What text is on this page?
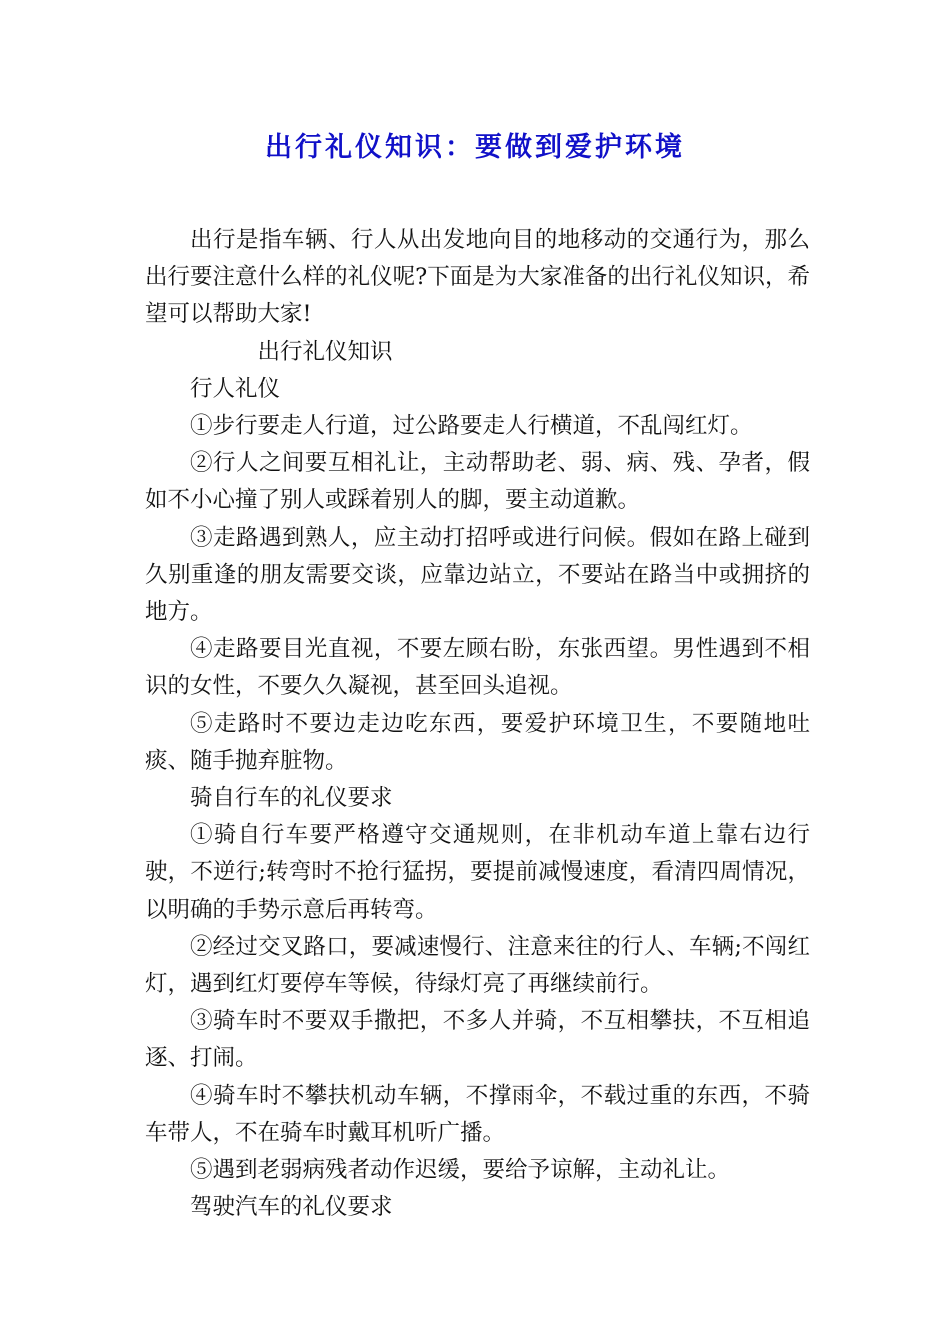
出行礼仪知识：要做到爱护环境

出行是指车辆、行人从出发地向目的地移动的交通行为，那么出行要注意什么样的礼仪呢?下面是为大家准备的出行礼仪知识，希望可以帮助大家!

出行礼仪知识

行人礼仪

①步行要走人行道，过公路要走人行横道，不乱闯红灯。

②行人之间要互相礼让，主动帮助老、弱、病、残、孕者，假如不小心撞了别人或踩着别人的脚，要主动道歉。

③走路遇到熟人，应主动打招呼或进行问候。假如在路上碰到久别重逢的朋友需要交谈，应靠边站立，不要站在路当中或拥挤的地方。

④走路要目光直视，不要左顾右盼，东张西望。男性遇到不相识的女性，不要久久凝视，甚至回头追视。

⑤走路时不要边走边吃东西，要爱护环境卫生，不要随地吐痰、随手抛弃脏物。

骑自行车的礼仪要求

①骑自行车要严格遵守交通规则，在非机动车道上靠右边行驶，不逆行;转弯时不抢行猛拐，要提前减慢速度，看清四周情况，以明确的手势示意后再转弯。

②经过交叉路口，要减速慢行、注意来往的行人、车辆;不闯红灯，遇到红灯要停车等候，待绿灯亮了再继续前行。

③骑车时不要双手撒把，不多人并骑，不互相攀扶，不互相追逐、打闹。

④骑车时不攀扶机动车辆，不撑雨伞，不载过重的东西，不骑车带人，不在骑车时戴耳机听广播。

⑤遇到老弱病残者动作迟缓，要给予谅解，主动礼让。

驾驶汽车的礼仪要求
